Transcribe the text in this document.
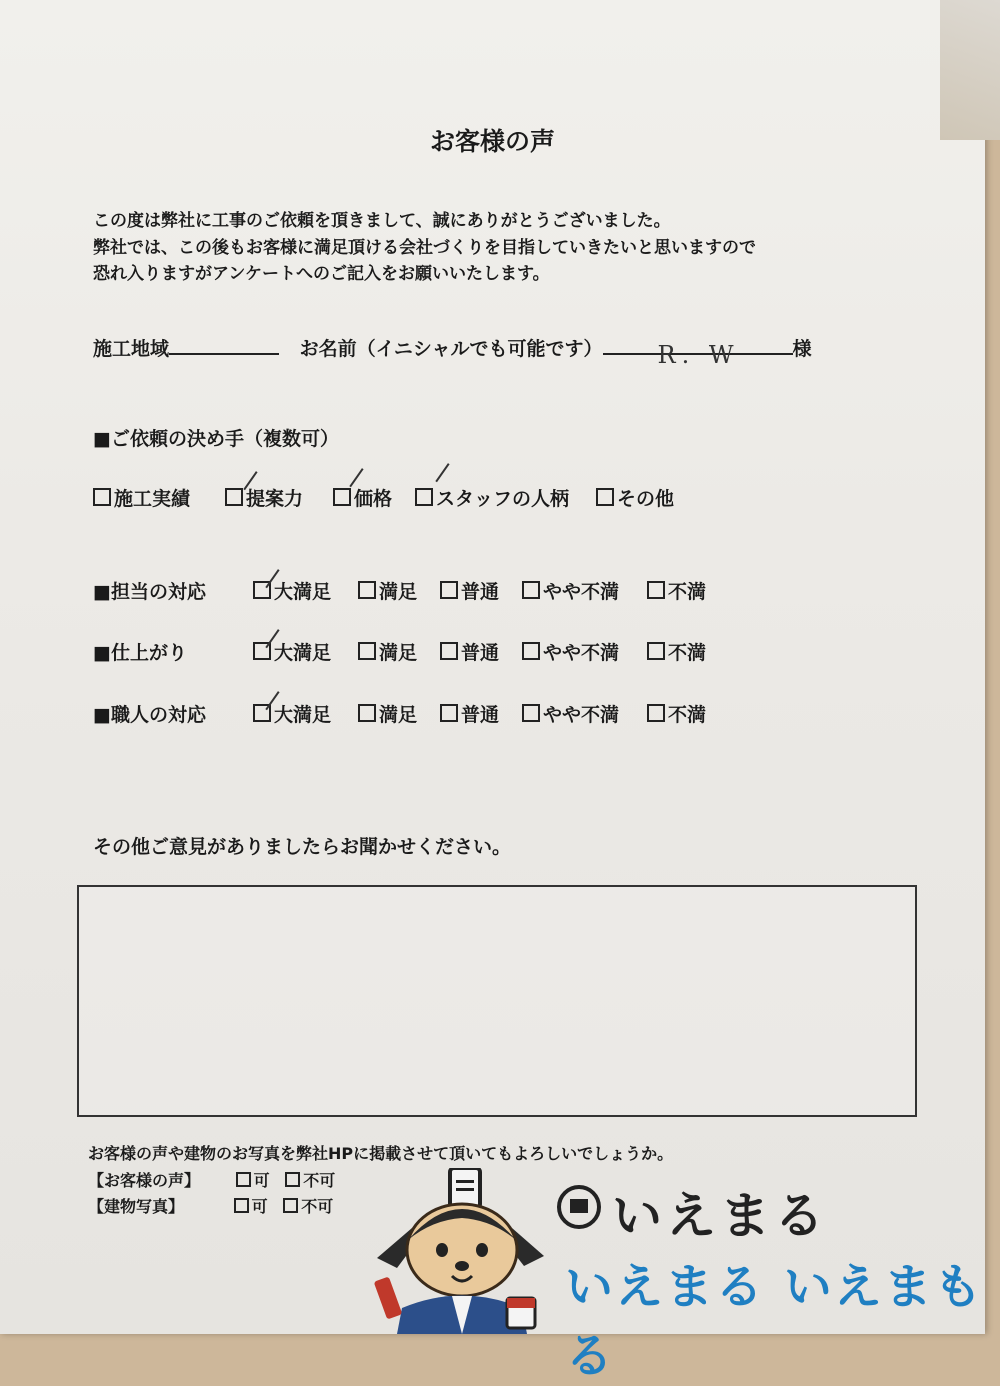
お客様の声
この度は弊社に工事のご依頼を頂きまして、誠にありがとうございました。
弊社では、この後もお客様に満足頂ける会社づくりを目指していきたいと思いますので
恐れ入りますがアンケートへのご記入をお願いいたします。
施工地域	お名前（イニシャルでも可能です） R. W	様
■ご依頼の決め手（複数可）
施工実績	提案力	価格	スタッフの人柄	その他
■担当の対応	大満足	満足	普通	やや不満	不満
■仕上がり	大満足	満足	普通	やや不満	不満
■職人の対応	大満足	満足	普通	やや不満	不満
その他ご意見がありましたらお聞かせください。
お客様の声や建物のお写真を弊社HPに掲載させて頂いてもよろしいでしょうか。
【お客様の声】	可 不可
【建物写真】	可 不可	いえまる
いえまる いえまもる
